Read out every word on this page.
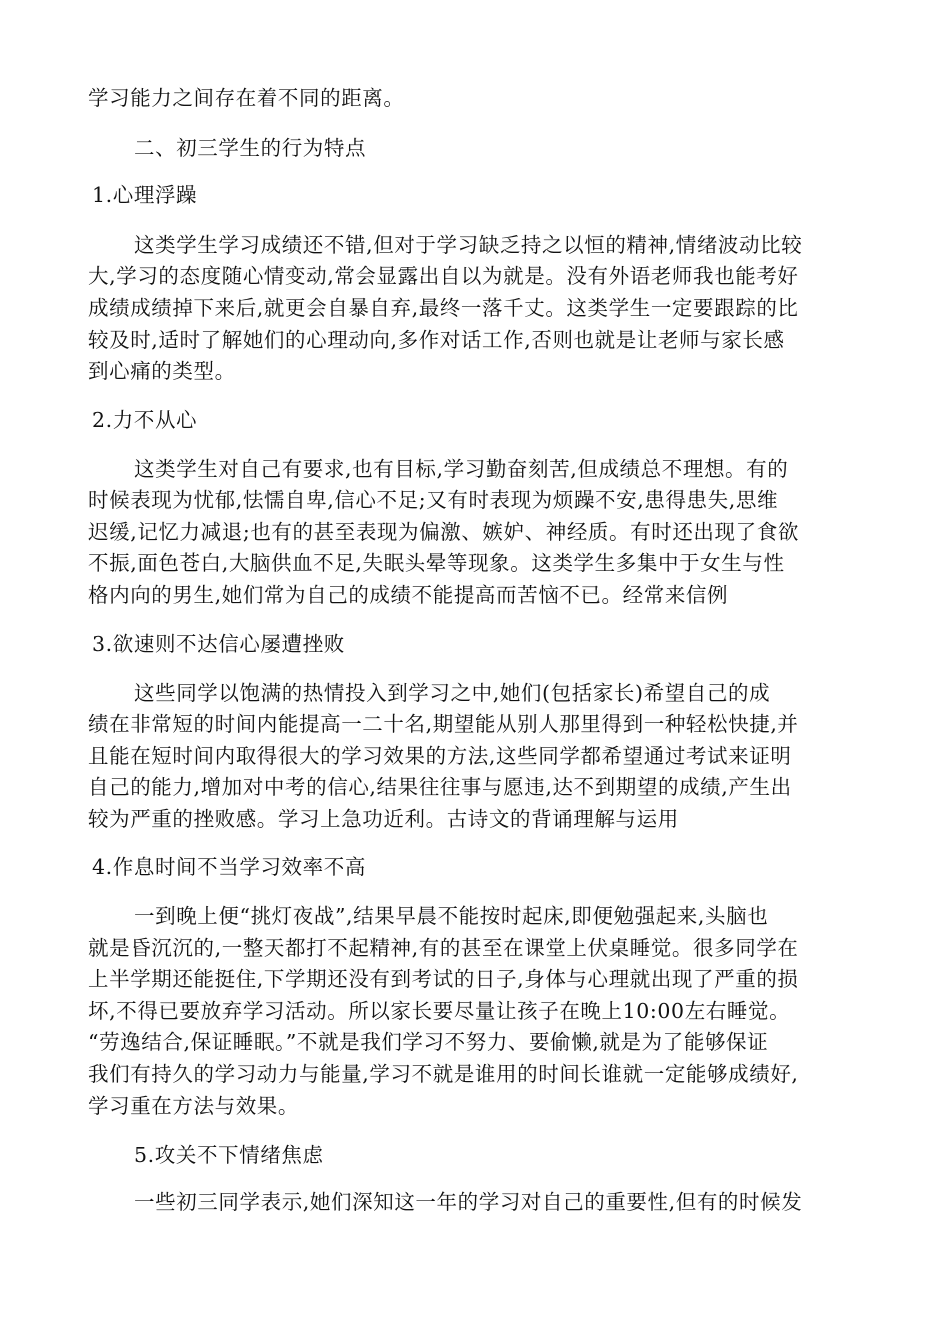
学习能力之间存在着不同的距离。
二、初三学生的行为特点
1.心理浮躁
这类学生学习成绩还不错,但对于学习缺乏持之以恒的精神,情绪波动比较
大,学习的态度随心情变动,常会显露出自以为就是。没有外语老师我也能考好
成绩成绩掉下来后,就更会自暴自弃,最终一落千丈。这类学生一定要跟踪的比
较及时,适时了解她们的心理动向,多作对话工作,否则也就是让老师与家长感
到心痛的类型。
2.力不从心
这类学生对自己有要求,也有目标,学习勤奋刻苦,但成绩总不理想。有的
时候表现为忧郁,怯懦自卑,信心不足;又有时表现为烦躁不安,患得患失,思维
迟缓,记忆力减退;也有的甚至表现为偏激、嫉妒、神经质。有时还出现了食欲
不振,面色苍白,大脑供血不足,失眠头晕等现象。这类学生多集中于女生与性
格内向的男生,她们常为自己的成绩不能提高而苦恼不已。经常来信例
3.欲速则不达信心屡遭挫败
这些同学以饱满的热情投入到学习之中,她们(包括家长)希望自己的成
绩在非常短的时间内能提高一二十名,期望能从别人那里得到一种轻松快捷,并
且能在短时间内取得很大的学习效果的方法,这些同学都希望通过考试来证明
自己的能力,增加对中考的信心,结果往往事与愿违,达不到期望的成绩,产生出
较为严重的挫败感。学习上急功近利。古诗文的背诵理解与运用
4.作息时间不当学习效率不高
一到晚上便“挑灯夜战”,结果早晨不能按时起床,即便勉强起来,头脑也
就是昏沉沉的,一整天都打不起精神,有的甚至在课堂上伏桌睡觉。很多同学在
上半学期还能挺住,下学期还没有到考试的日子,身体与心理就出现了严重的损
坏,不得已要放弃学习活动。所以家长要尽量让孩子在晚上10:00左右睡觉。
“劳逸结合,保证睡眠。”不就是我们学习不努力、要偷懒,就是为了能够保证
我们有持久的学习动力与能量,学习不就是谁用的时间长谁就一定能够成绩好,
学习重在方法与效果。
5.攻关不下情绪焦虑
一些初三同学表示,她们深知这一年的学习对自己的重要性,但有的时候发
